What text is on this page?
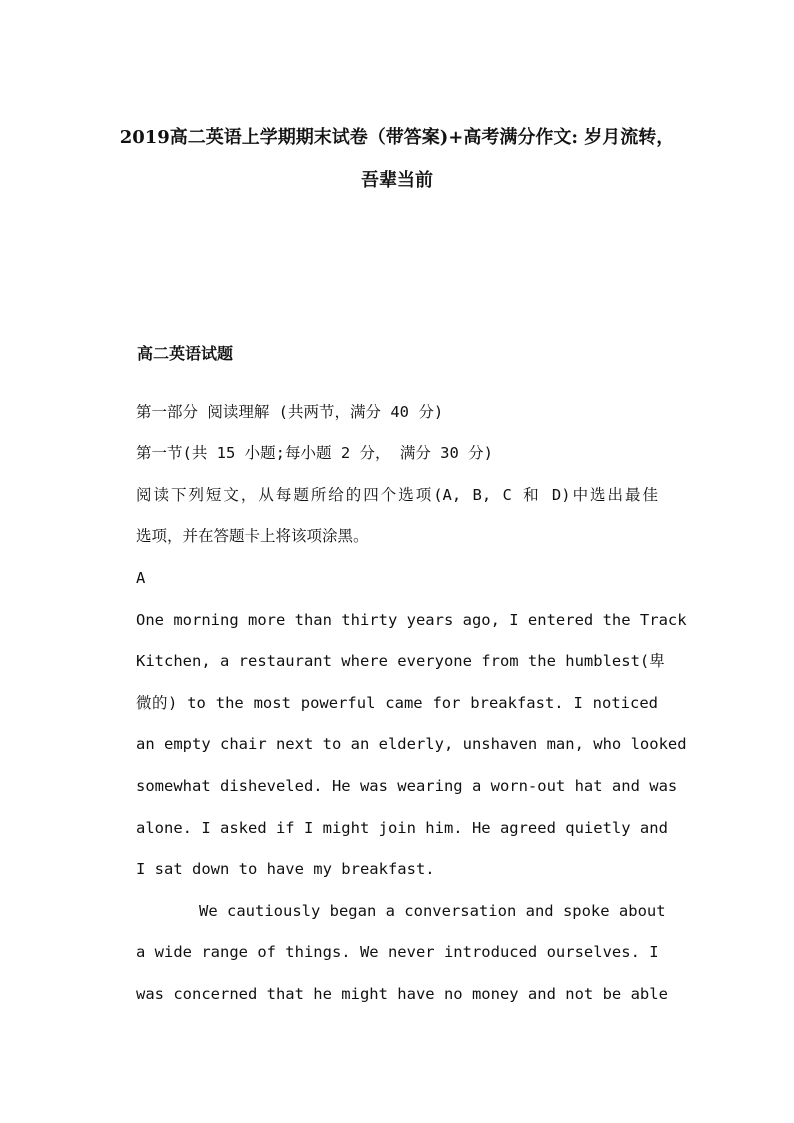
2019高二英语上学期期末试卷（带答案)+高考满分作文: 岁月流转，
吾辈当前
高二英语试题

第一部分 阅读理解 (共两节，满分 40 分)

第一节(共 15 小题;每小题 2 分， 满分 30 分)

阅读下列短文，从每题所给的四个选项(A, B, C 和 D)中选出最佳

选项，并在答题卡上将该项涂黑。

A

One morning more than thirty years ago, I entered the Track

Kitchen, a restaurant where everyone from the humblest(卑

微的) to the most powerful came for breakfast. I noticed

an empty chair next to an elderly, unshaven man, who looked

somewhat disheveled. He was wearing a worn-out hat and was

alone. I asked if I might join him. He agreed quietly and

I sat down to have my breakfast.

We cautiously began a conversation and spoke about

a wide range of things. We never introduced ourselves. I

was concerned that he might have no money and not be able
